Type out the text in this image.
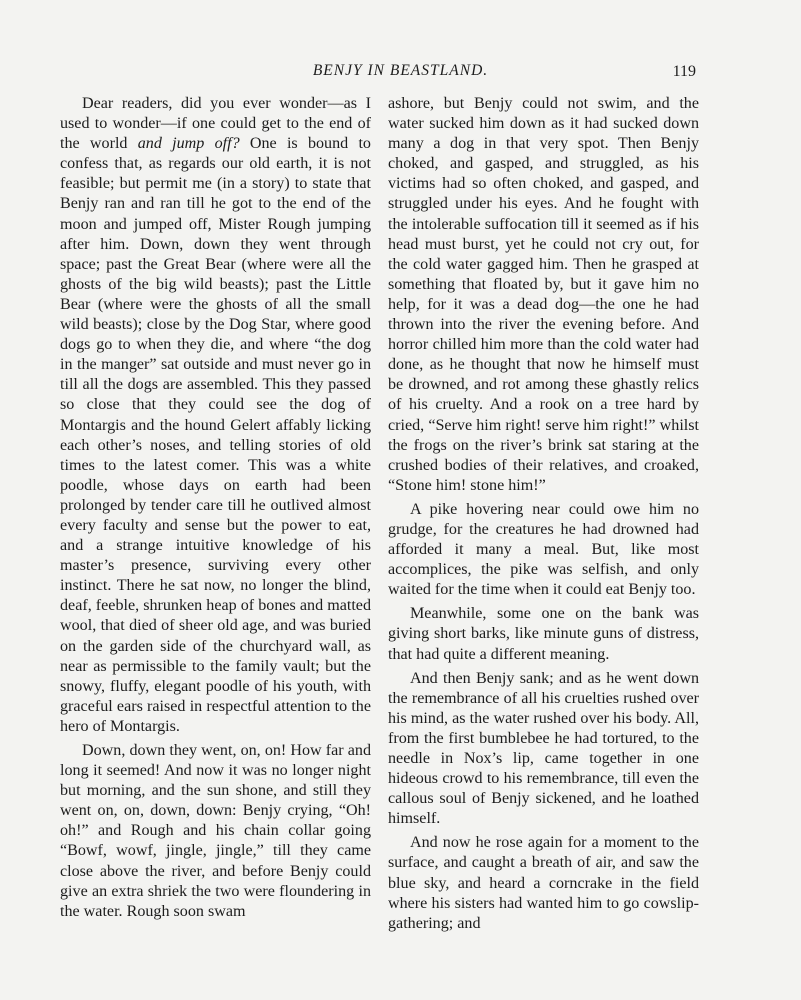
BENJY IN BEASTLAND.	119

Dear readers, did you ever wonder—as I used to wonder—if one could get to the end of the world and jump off? One is bound to confess that, as regards our old earth, it is not feasible; but permit me (in a story) to state that Benjy ran and ran till he got to the end of the moon and jumped off, Mister Rough jumping after him. Down, down they went through space; past the Great Bear (where were all the ghosts of the big wild beasts); past the Little Bear (where were the ghosts of all the small wild beasts); close by the Dog Star, where good dogs go to when they die, and where “the dog in the manger” sat outside and must never go in till all the dogs are assembled. This they passed so close that they could see the dog of Montargis and the hound Gelert affably licking each other’s noses, and telling stories of old times to the latest comer. This was a white poodle, whose days on earth had been prolonged by tender care till he outlived almost every faculty and sense but the power to eat, and a strange intuitive knowledge of his master’s presence, surviving every other instinct. There he sat now, no longer the blind, deaf, feeble, shrunken heap of bones and matted wool, that died of sheer old age, and was buried on the garden side of the churchyard wall, as near as permissible to the family vault; but the snowy, fluffy, elegant poodle of his youth, with graceful ears raised in respectful attention to the hero of Montargis.

Down, down they went, on, on! How far and long it seemed! And now it was no longer night but morning, and the sun shone, and still they went on, on, down, down: Benjy crying, “Oh! oh!” and Rough and his chain collar going “Bowf, wowf, jingle, jingle,” till they came close above the river, and before Benjy could give an extra shriek the two were floundering in the water. Rough soon swam

ashore, but Benjy could not swim, and the water sucked him down as it had sucked down many a dog in that very spot. Then Benjy choked, and gasped, and struggled, as his victims had so often choked, and gasped, and struggled under his eyes. And he fought with the intolerable suffocation till it seemed as if his head must burst, yet he could not cry out, for the cold water gagged him. Then he grasped at something that floated by, but it gave him no help, for it was a dead dog—the one he had thrown into the river the evening before. And horror chilled him more than the cold water had done, as he thought that now he himself must be drowned, and rot among these ghastly relics of his cruelty. And a rook on a tree hard by cried, “Serve him right! serve him right!” whilst the frogs on the river’s brink sat staring at the crushed bodies of their relatives, and croaked, “Stone him! stone him!”

A pike hovering near could owe him no grudge, for the creatures he had drowned had afforded it many a meal. But, like most accomplices, the pike was selfish, and only waited for the time when it could eat Benjy too.

Meanwhile, some one on the bank was giving short barks, like minute guns of distress, that had quite a different meaning.

And then Benjy sank; and as he went down the remembrance of all his cruelties rushed over his mind, as the water rushed over his body. All, from the first bumblebee he had tortured, to the needle in Nox’s lip, came together in one hideous crowd to his remembrance, till even the callous soul of Benjy sickened, and he loathed himself.

And now he rose again for a moment to the surface, and caught a breath of air, and saw the blue sky, and heard a corncrake in the field where his sisters had wanted him to go cowslip-gathering; and
